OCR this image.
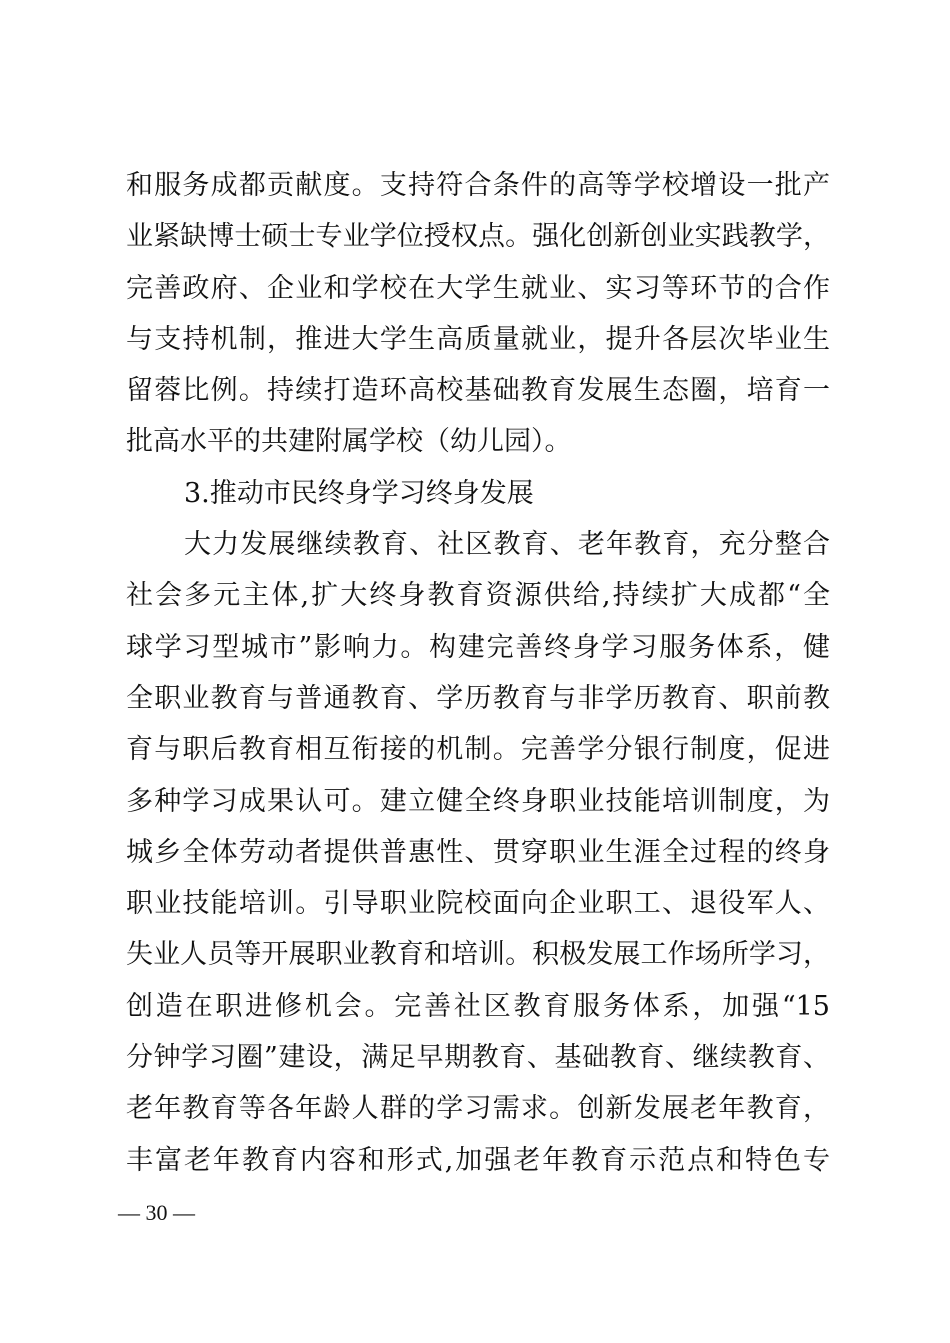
和服务成都贡献度。支持符合条件的高等学校增设一批产
业紧缺博士硕士专业学位授权点。强化创新创业实践教学，
完善政府、企业和学校在大学生就业、实习等环节的合作
与支持机制，推进大学生高质量就业，提升各层次毕业生
留蓉比例。持续打造环高校基础教育发展生态圈，培育一
批高水平的共建附属学校（幼儿园）。
3.推动市民终身学习终身发展
大力发展继续教育、社区教育、老年教育，充分整合
社会多元主体,扩大终身教育资源供给,持续扩大成都“全
球学习型城市”影响力。构建完善终身学习服务体系，健
全职业教育与普通教育、学历教育与非学历教育、职前教
育与职后教育相互衔接的机制。完善学分银行制度，促进
多种学习成果认可。建立健全终身职业技能培训制度，为
城乡全体劳动者提供普惠性、贯穿职业生涯全过程的终身
职业技能培训。引导职业院校面向企业职工、退役军人、
失业人员等开展职业教育和培训。积极发展工作场所学习，
创造在职进修机会。完善社区教育服务体系，加强“15
分钟学习圈”建设，满足早期教育、基础教育、继续教育、
老年教育等各年龄人群的学习需求。创新发展老年教育，
丰富老年教育内容和形式,加强老年教育示范点和特色专
— 30 —
